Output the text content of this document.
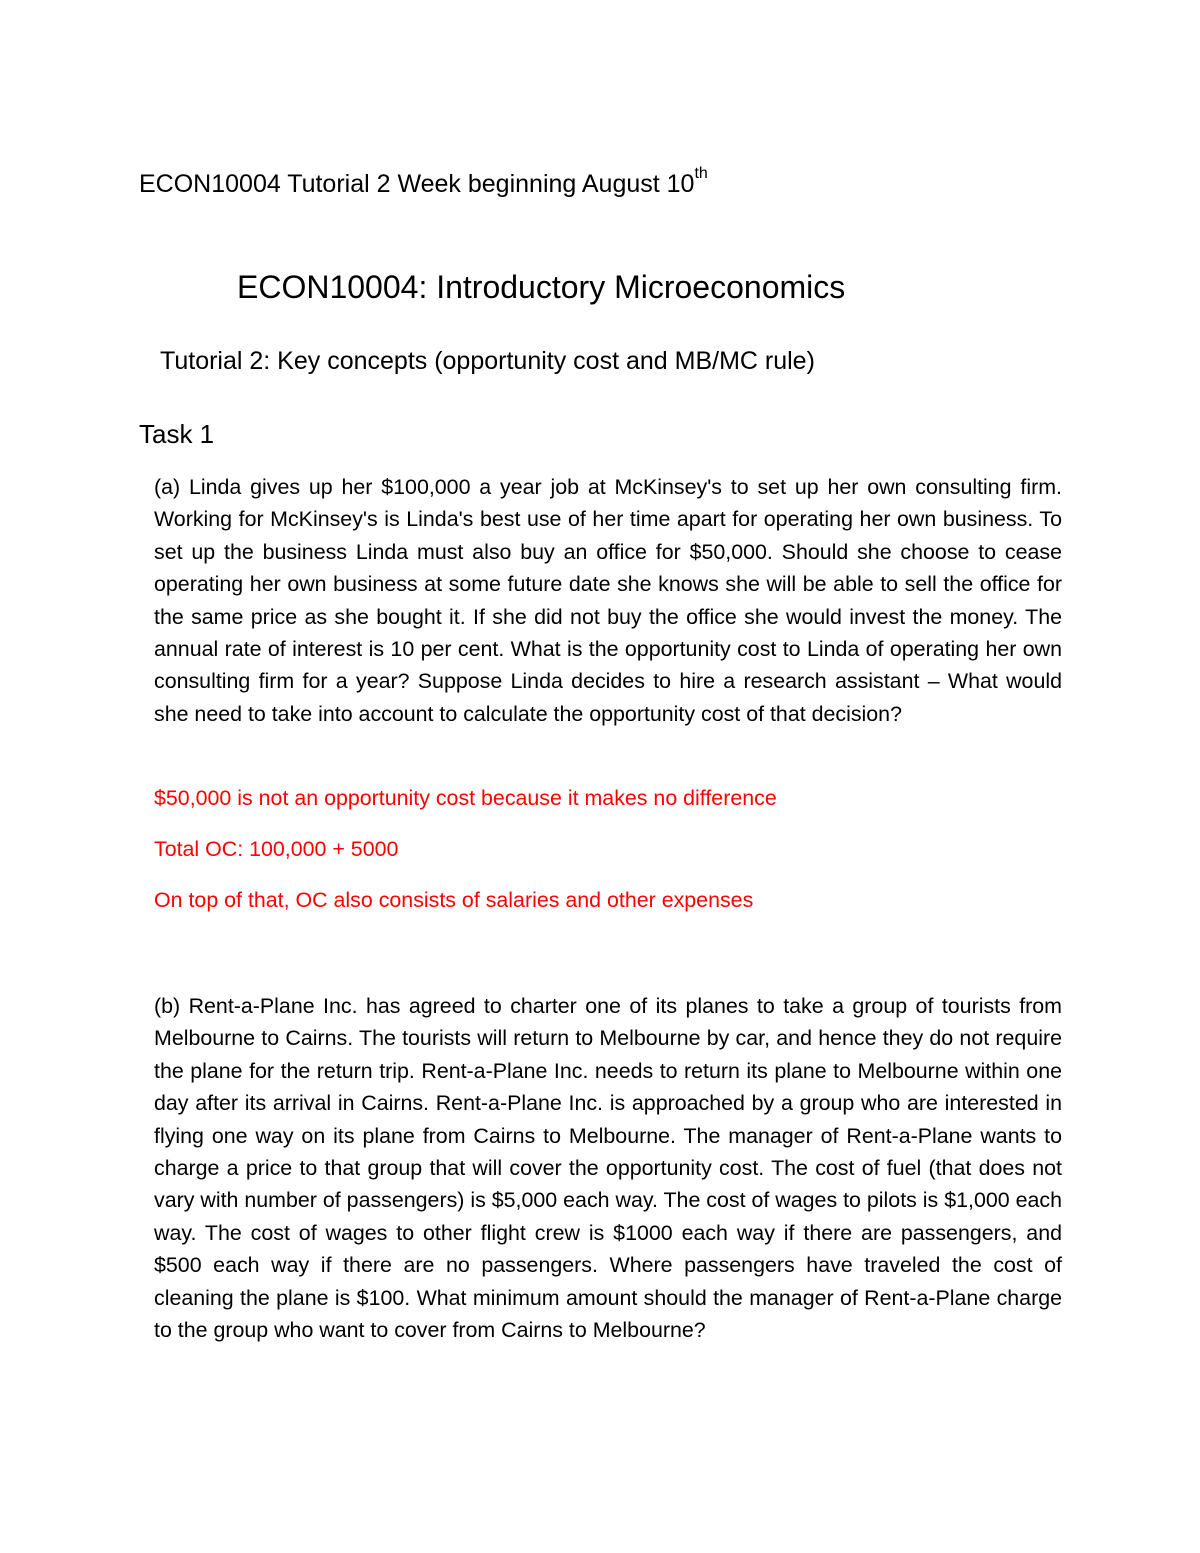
ECON10004 Tutorial 2 Week beginning August 10th
ECON10004: Introductory Microeconomics
Tutorial 2: Key concepts (opportunity cost and MB/MC rule)
Task 1
(a) Linda gives up her $100,000 a year job at McKinsey's to set up her own consulting firm. Working for McKinsey's is Linda's best use of her time apart for operating her own business. To set up the business Linda must also buy an office for $50,000. Should she choose to cease operating her own business at some future date she knows she will be able to sell the office for the same price as she bought it. If she did not buy the office she would invest the money. The annual rate of interest is 10 per cent. What is the opportunity cost to Linda of operating her own consulting firm for a year? Suppose Linda decides to hire a research assistant – What would she need to take into account to calculate the opportunity cost of that decision?
$50,000 is not an opportunity cost because it makes no difference
Total OC: 100,000 + 5000
On top of that, OC also consists of salaries and other expenses
(b) Rent-a-Plane Inc. has agreed to charter one of its planes to take a group of tourists from Melbourne to Cairns. The tourists will return to Melbourne by car, and hence they do not require the plane for the return trip. Rent-a-Plane Inc. needs to return its plane to Melbourne within one day after its arrival in Cairns. Rent-a-Plane Inc. is approached by a group who are interested in flying one way on its plane from Cairns to Melbourne. The manager of Rent-a-Plane wants to charge a price to that group that will cover the opportunity cost. The cost of fuel (that does not vary with number of passengers) is $5,000 each way. The cost of wages to pilots is $1,000 each way. The cost of wages to other flight crew is $1000 each way if there are passengers, and $500 each way if there are no passengers. Where passengers have traveled the cost of cleaning the plane is $100. What minimum amount should the manager of Rent-a-Plane charge to the group who want to cover from Cairns to Melbourne?
